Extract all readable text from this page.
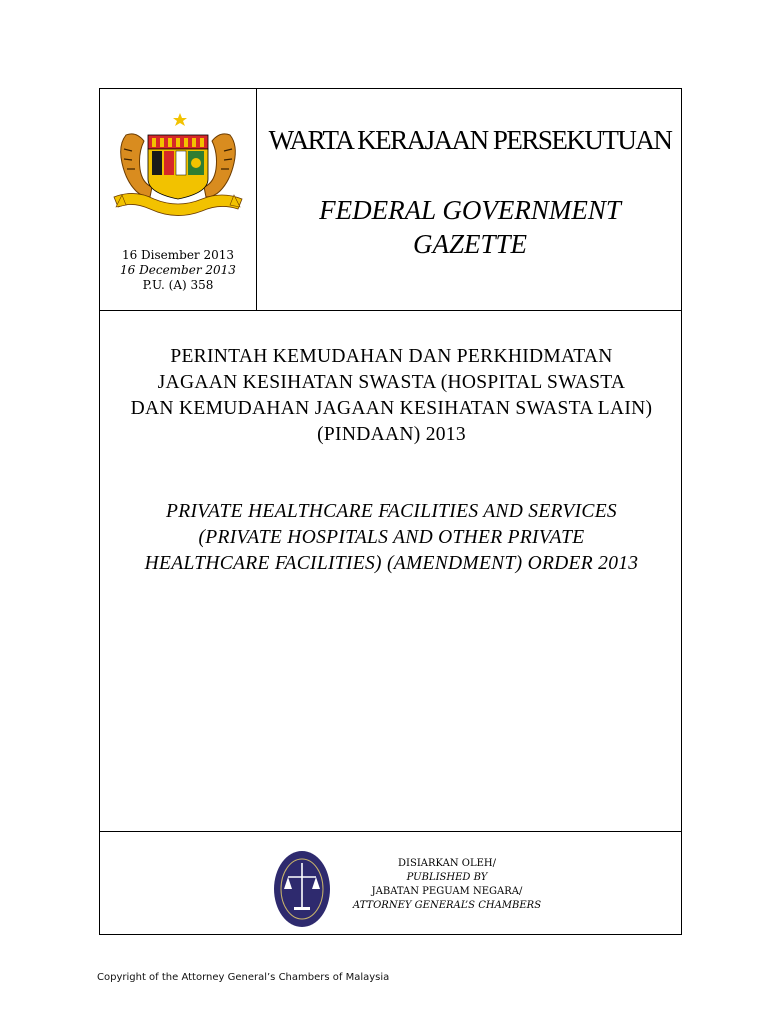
16 Disember 2013
16 December 2013
P.U. (A) 358
WARTA KERAJAAN PERSEKUTUAN
FEDERAL GOVERNMENT
GAZETTE
PERINTAH KEMUDAHAN DAN PERKHIDMATAN
JAGAAN KESIHATAN SWASTA (HOSPITAL SWASTA
DAN KEMUDAHAN JAGAAN KESIHATAN SWASTA LAIN)
(PINDAAN) 2013
PRIVATE HEALTHCARE FACILITIES AND SERVICES
(PRIVATE HOSPITALS AND OTHER PRIVATE
HEALTHCARE FACILITIES) (AMENDMENT) ORDER 2013
DISIARKAN OLEH/
PUBLISHED BY
JABATAN PEGUAM NEGARA/
ATTORNEY GENERAL’S CHAMBERS
Copyright of the Attorney General’s Chambers of Malaysia
